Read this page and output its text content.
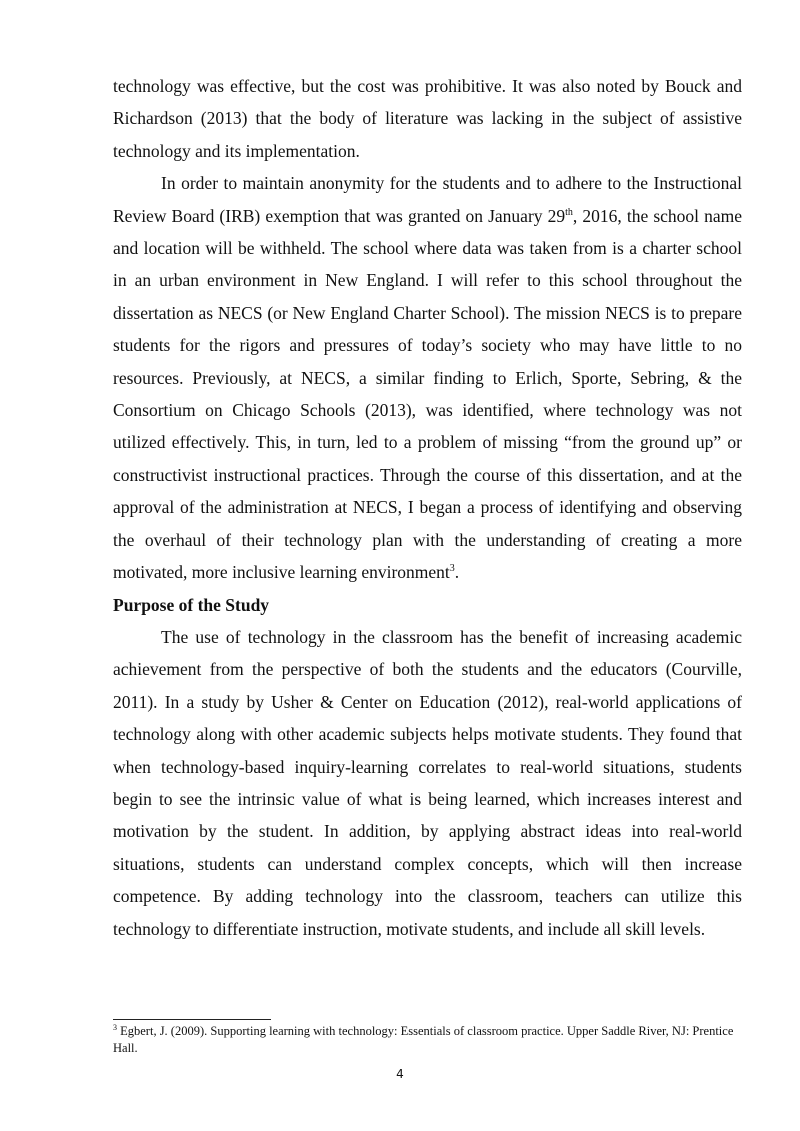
technology was effective, but the cost was prohibitive. It was also noted by Bouck and Richardson (2013) that the body of literature was lacking in the subject of assistive technology and its implementation.

In order to maintain anonymity for the students and to adhere to the Instructional Review Board (IRB) exemption that was granted on January 29th, 2016, the school name and location will be withheld. The school where data was taken from is a charter school in an urban environment in New England. I will refer to this school throughout the dissertation as NECS (or New England Charter School). The mission NECS is to prepare students for the rigors and pressures of today’s society who may have little to no resources. Previously, at NECS, a similar finding to Erlich, Sporte, Sebring, & the Consortium on Chicago Schools (2013), was identified, where technology was not utilized effectively. This, in turn, led to a problem of missing “from the ground up” or constructivist instructional practices. Through the course of this dissertation, and at the approval of the administration at NECS, I began a process of identifying and observing the overhaul of their technology plan with the understanding of creating a more motivated, more inclusive learning environment$^3$.

Purpose of the Study

The use of technology in the classroom has the benefit of increasing academic achievement from the perspective of both the students and the educators (Courville, 2011). In a study by Usher & Center on Education (2012), real-world applications of technology along with other academic subjects helps motivate students. They found that when technology-based inquiry-learning correlates to real-world situations, students begin to see the intrinsic value of what is being learned, which increases interest and motivation by the student. In addition, by applying abstract ideas into real-world situations, students can understand complex concepts, which will then increase competence. By adding technology into the classroom, teachers can utilize this technology to differentiate instruction, motivate students, and include all skill levels.

$^3$ Egbert, J. (2009). Supporting learning with technology: Essentials of classroom practice. Upper Saddle River, NJ: Prentice Hall.

4
